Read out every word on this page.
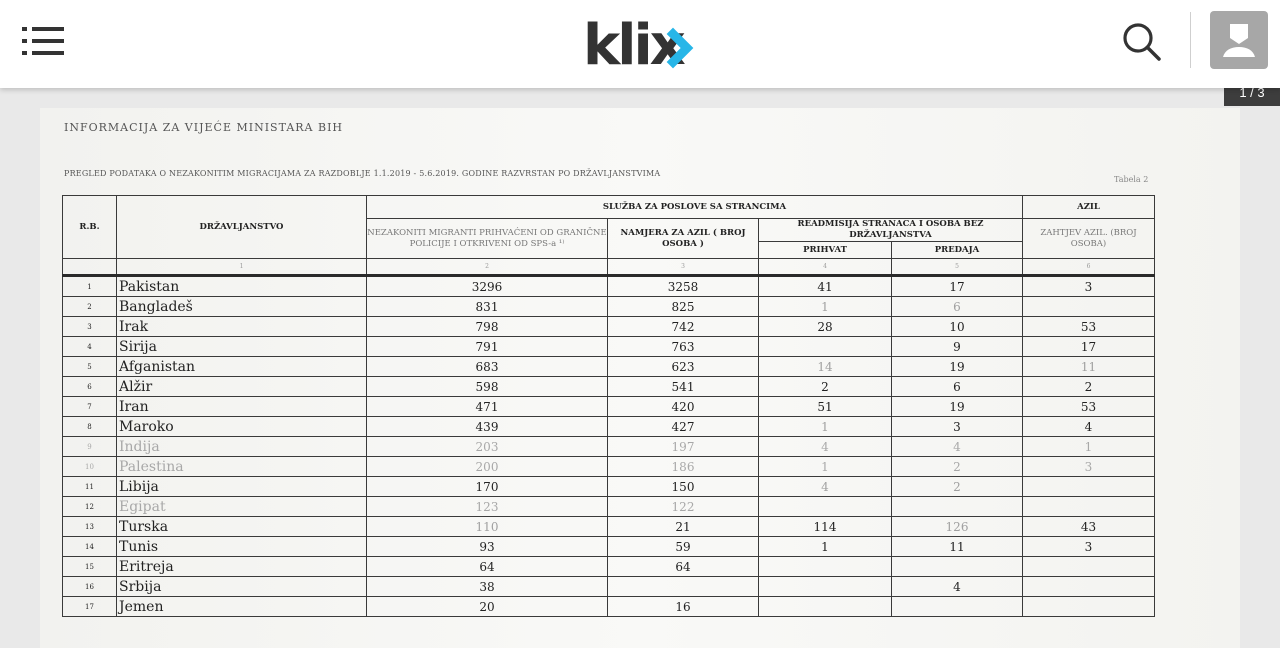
klix
1 / 3
INFORMACIJA ZA VIJEĆE MINISTARA BIH
PREGLED PODATAKA O NEZAKONITIM MIGRACIJAMA ZA RAZDOBLJE 1.1.2019 - 5.6.2019. GODINE RAZVRSTAN PO DRŽAVLJANSTVIMA
Tabela 2
R.B.	DRŽAVLJANSTVO	SLUŽBA ZA POSLOVE SA STRANCIMA				AZIL
		NEZAKONITI MIGRANTI PRIHVAĆENI OD GRANIČNE POLICIJE I OTKRIVENI OD SPS-a ¹⁾	NAMJERA ZA AZIL ( BROJ OSOBA )	READMISIJA STRANACA I OSOBA BEZ DRŽAVLJANSTVA		ZAHTJEV AZIL. (BROJ OSOBA)
				PRIHVAT	PREDAJA	
	1	2	3	4	5	6
1	Pakistan	3296	3258	41	17	3
2	Bangladeš	831	825	1	6	
3	Irak	798	742	28	10	53
4	Sirija	791	763		9	17
5	Afganistan	683	623	14	19	11
6	Alžir	598	541	2	6	2
7	Iran	471	420	51	19	53
8	Maroko	439	427	1	3	4
9	Indija	203	197	4	4	1
10	Palestina	200	186	1	2	3
11	Libija	170	150	4	2	
12	Egipat	123	122			
13	Turska	110	21	114	126	43
14	Tunis	93	59	1	11	3
15	Eritreja	64	64			
16	Srbija	38			4	
17	Jemen	20	16			
